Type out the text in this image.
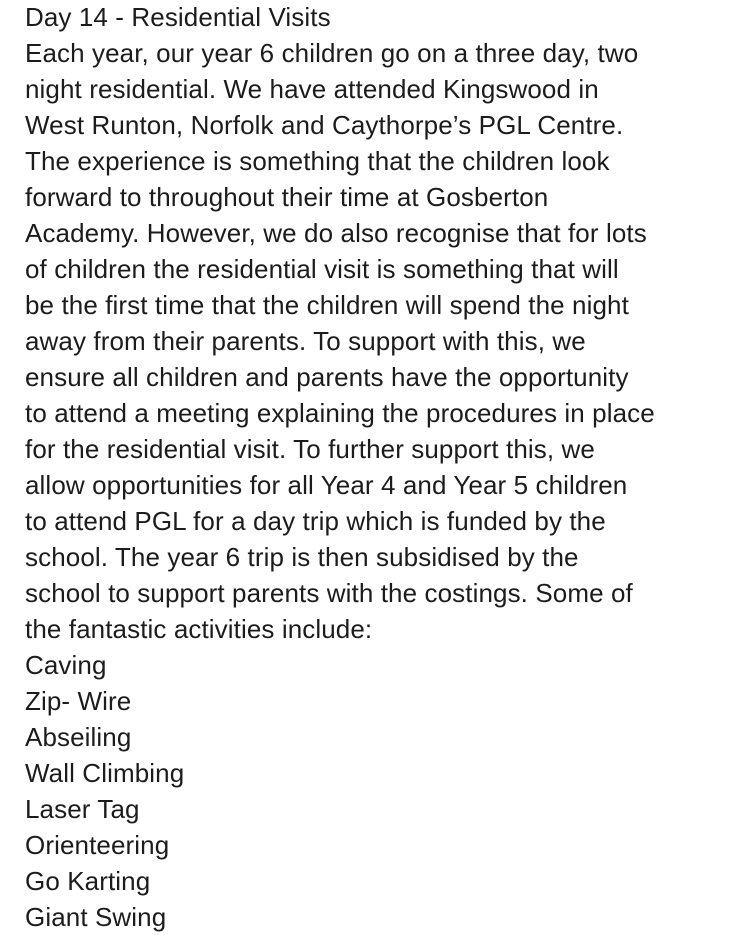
Day 14 - Residential Visits
Each year, our year 6 children go on a three day, two
night residential. We have attended Kingswood in
West Runton, Norfolk and Caythorpe’s PGL Centre.
The experience is something that the children look
forward to throughout their time at Gosberton
Academy. However, we do also recognise that for lots
of children the residential visit is something that will
be the first time that the children will spend the night
away from their parents. To support with this, we
ensure all children and parents have the opportunity
to attend a meeting explaining the procedures in place
for the residential visit. To further support this, we
allow opportunities for all Year 4 and Year 5 children
to attend PGL for a day trip which is funded by the
school. The year 6 trip is then subsidised by the
school to support parents with the costings. Some of
the fantastic activities include:
Caving
Zip- Wire
Abseiling
Wall Climbing
Laser Tag
Orienteering
Go Karting
Giant Swing
